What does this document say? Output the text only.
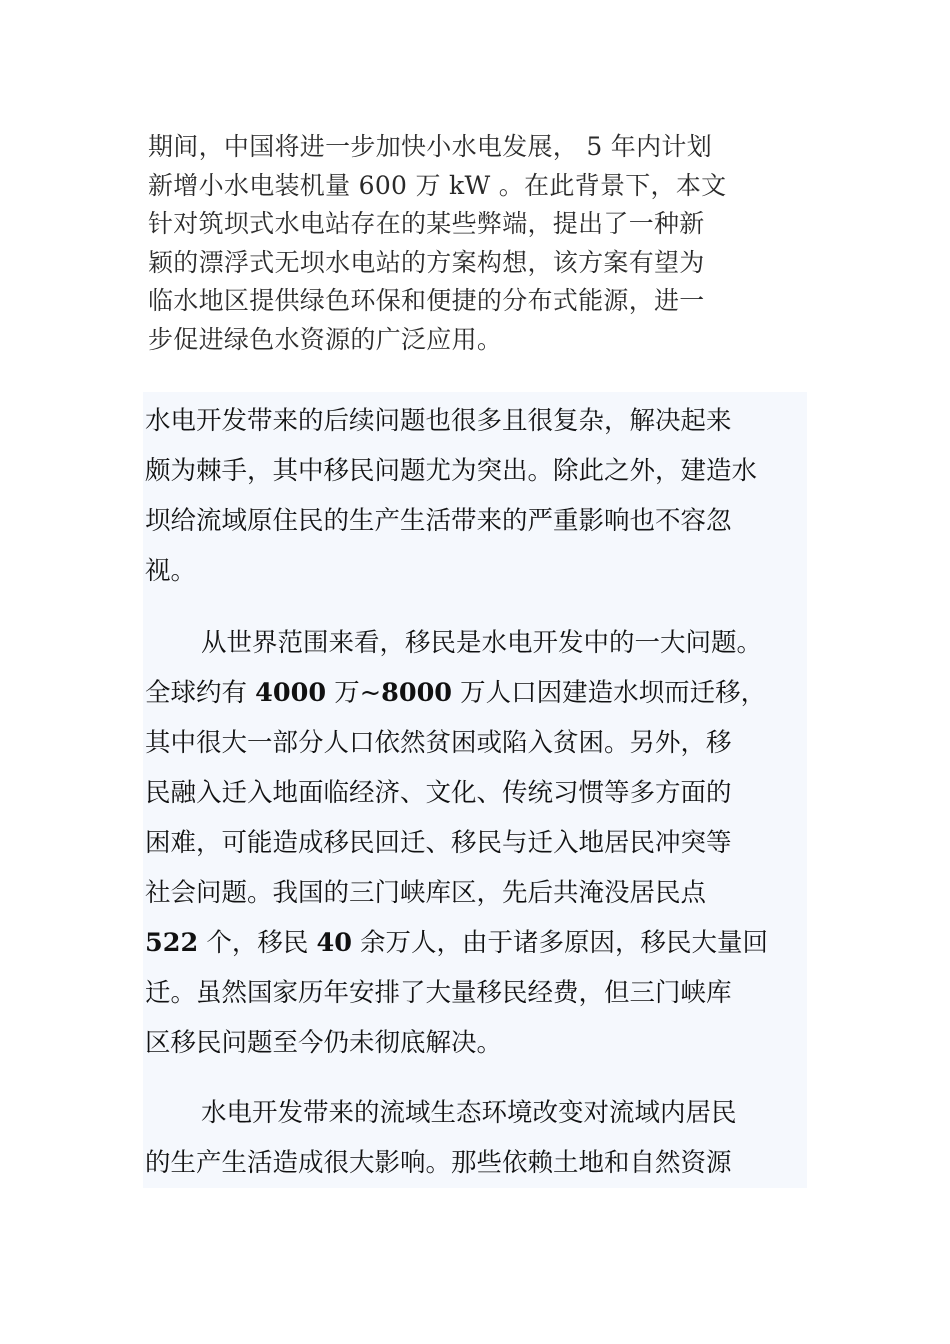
期间，中国将进一步加快小水电发展， 5 年内计划
新增小水电装机量 600 万 kW 。在此背景下，本文
针对筑坝式水电站存在的某些弊端，提出了一种新
颖的漂浮式无坝水电站的方案构想，该方案有望为
临水地区提供绿色环保和便捷的分布式能源，进一
步促进绿色水资源的广泛应用。
水电开发带来的后续问题也很多且很复杂，解决起来
颇为棘手，其中移民问题尤为突出。除此之外，建造水
坝给流域原住民的生产生活带来的严重影响也不容忽
视。
从世界范围来看，移民是水电开发中的一大问题。
全球约有 4000 万~8000 万人口因建造水坝而迁移，
其中很大一部分人口依然贫困或陷入贫困。另外，移
民融入迁入地面临经济、文化、传统习惯等多方面的
困难，可能造成移民回迁、移民与迁入地居民冲突等
社会问题。我国的三门峡库区，先后共淹没居民点
522 个，移民 40 余万人，由于诸多原因，移民大量回
迁。虽然国家历年安排了大量移民经费，但三门峡库
区移民问题至今仍未彻底解决。
水电开发带来的流域生态环境改变对流域内居民
的生产生活造成很大影响。那些依赖土地和自然资源
